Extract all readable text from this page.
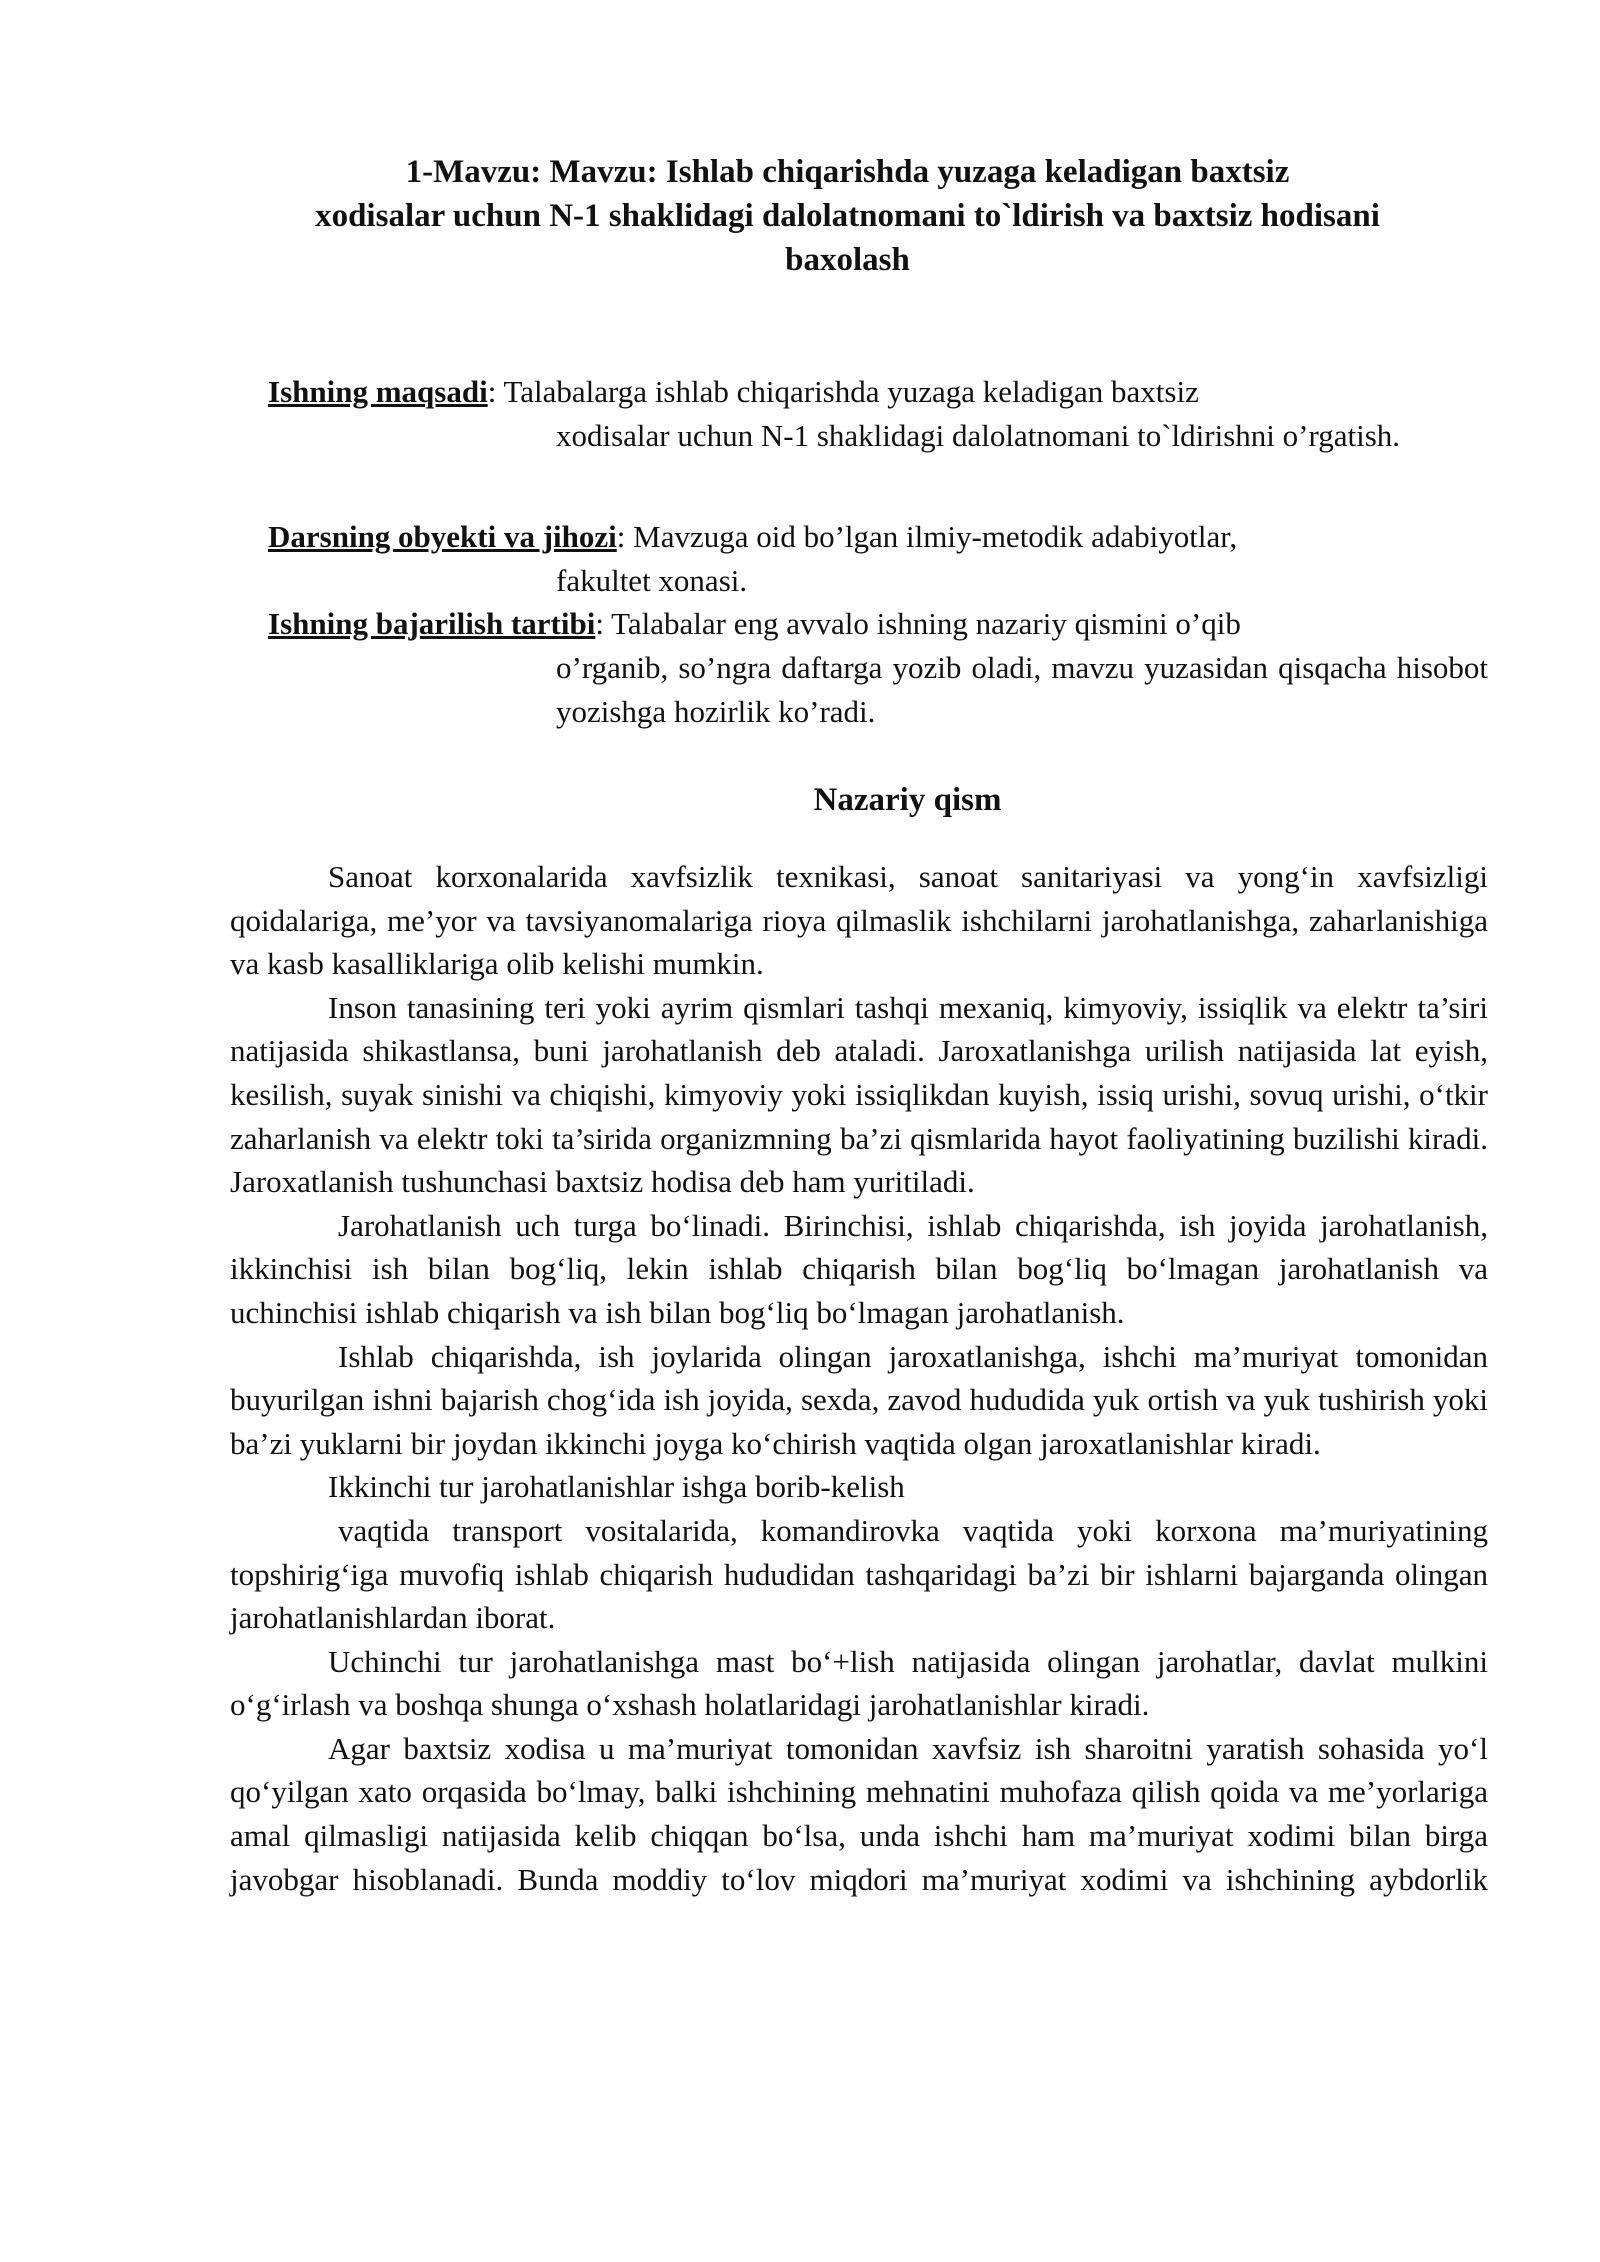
1-Mavzu: Mavzu: Ishlab chiqarishda yuzaga keladigan baxtsiz
xodisalar uchun N-1 shaklidagi dalolatnomani to`ldirish va baxtsiz hodisani
baxolash
Ishning maqsadi: Talabalarga ishlab chiqarishda yuzaga keladigan baxtsiz
xodisalar uchun N-1 shaklidagi dalolatnomani to`ldirishni o’rgatish.
Darsning obyekti va jihozi: Mavzuga oid bo’lgan ilmiy-metodik adabiyotlar,
fakultet xonasi.
Ishning bajarilish tartibi: Talabalar eng avvalo ishning nazariy qismini o’qib
o’rganib, so’ngra daftarga yozib oladi, mavzu yuzasidan qisqacha hisobot yozishga hozirlik ko’radi.
Nazariy qism

Sanoat korxonalarida xavfsizlik texnikasi, sanoat sanitariyasi va yong‘in xavfsizligi qoidalariga, me’yor va tavsiyanomalariga rioya qilmaslik ishchilarni jarohatlanishga, zaharlanishiga va kasb kasalliklariga olib kelishi mumkin.

Inson tanasining teri yoki ayrim qismlari tashqi mexaniq, kimyoviy, issiqlik va elektr ta’siri natijasida shikastlansa, buni jarohatlanish deb ataladi. Jaroxatlanishga urilish natijasida lat eyish, kesilish, suyak sinishi va chiqishi, kimyoviy yoki issiqlikdan kuyish, issiq urishi, sovuq urishi, o‘tkir zaharlanish va elektr toki ta’sirida organizmning ba’zi qismlarida hayot faoliyatining buzilishi kiradi. Jaroxatlanish tushunchasi baxtsiz hodisa deb ham yuritiladi.

Jarohatlanish uch turga bo‘linadi. Birinchisi, ishlab chiqarishda, ish joyida jarohatlanish, ikkinchisi ish bilan bog‘liq, lekin ishlab chiqarish bilan bog‘liq bo‘lmagan jarohatlanish va uchinchisi ishlab chiqarish va ish bilan bog‘liq bo‘lmagan jarohatlanish.

Ishlab chiqarishda, ish joylarida olingan jaroxatlanishga, ishchi ma’muriyat tomonidan buyurilgan ishni bajarish chog‘ida ish joyida, sexda, zavod hududida yuk ortish va yuk tushirish yoki ba’zi yuklarni bir joydan ikkinchi joyga ko‘chirish vaqtida olgan jaroxatlanishlar kiradi.

Ikkinchi tur jarohatlanishlar ishga borib-kelish

vaqtida transport vositalarida, komandirovka vaqtida yoki korxona ma’muriyatining topshirig‘iga muvofiq ishlab chiqarish hududidan tashqaridagi ba’zi bir ishlarni bajarganda olingan jarohatlanishlardan iborat.

Uchinchi tur jarohatlanishga mast bo‘+lish natijasida olingan jarohatlar, davlat mulkini o‘g‘irlash va boshqa shunga o‘xshash holatlaridagi jarohatlanishlar kiradi.

Agar baxtsiz xodisa u ma’muriyat tomonidan xavfsiz ish sharoitni yaratish sohasida yo‘l qo‘yilgan xato orqasida bo‘lmay, balki ishchining mehnatini muhofaza qilish qoida va me’yorlariga amal qilmasligi natijasida kelib chiqqan bo‘lsa, unda ishchi ham ma’muriyat xodimi bilan birga javobgar hisoblanadi. Bunda moddiy to‘lov miqdori ma’muriyat xodimi va ishchining aybdorlik
